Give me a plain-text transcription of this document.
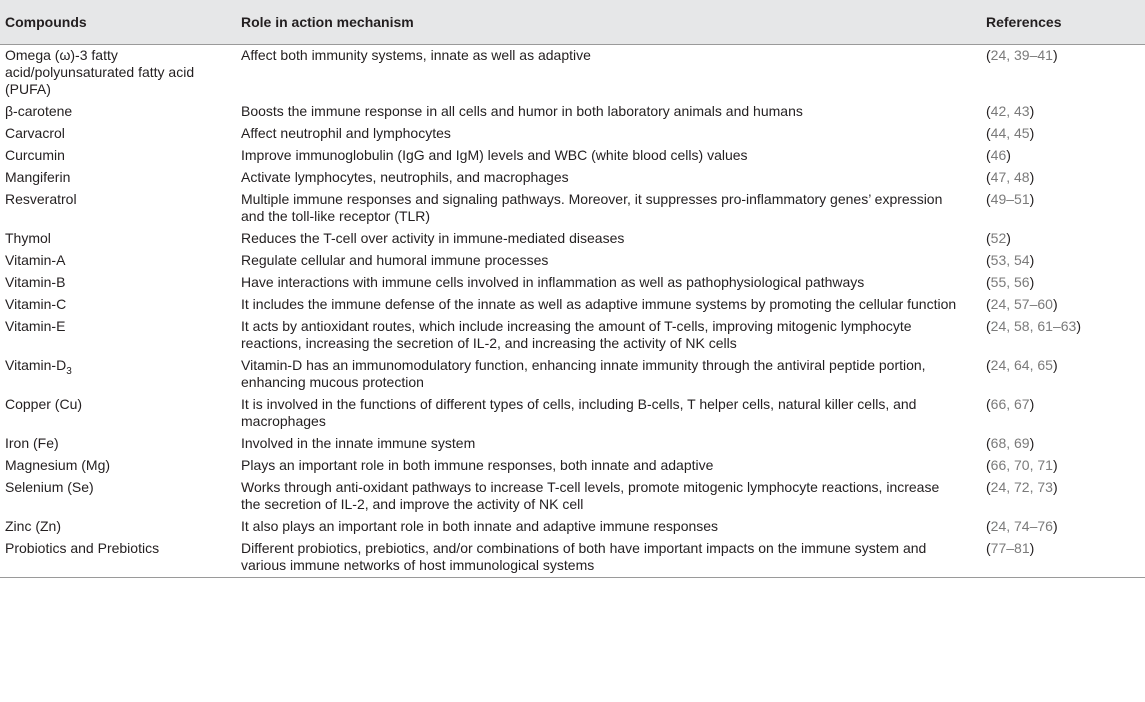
Compounds	Role in action mechanism	References
Omega (ω)-3 fatty acid/polyunsaturated fatty acid (PUFA)	Affect both immunity systems, innate as well as adaptive	(24, 39–41)
β-carotene	Boosts the immune response in all cells and humor in both laboratory animals and humans	(42, 43)
Carvacrol	Affect neutrophil and lymphocytes	(44, 45)
Curcumin	Improve immunoglobulin (IgG and IgM) levels and WBC (white blood cells) values	(46)
Mangiferin	Activate lymphocytes, neutrophils, and macrophages	(47, 48)
Resveratrol	Multiple immune responses and signaling pathways. Moreover, it suppresses pro-inflammatory genes’ expression and the toll-like receptor (TLR)	(49–51)
Thymol	Reduces the T-cell over activity in immune-mediated diseases	(52)
Vitamin-A	Regulate cellular and humoral immune processes	(53, 54)
Vitamin-B	Have interactions with immune cells involved in inflammation as well as pathophysiological pathways	(55, 56)
Vitamin-C	It includes the immune defense of the innate as well as adaptive immune systems by promoting the cellular function	(24, 57–60)
Vitamin-E	It acts by antioxidant routes, which include increasing the amount of T-cells, improving mitogenic lymphocyte reactions, increasing the secretion of IL-2, and increasing the activity of NK cells	(24, 58, 61–63)
Vitamin-$D_3$	Vitamin-D has an immunomodulatory function, enhancing innate immunity through the antiviral peptide portion, enhancing mucous protection	(24, 64, 65)
Copper (Cu)	It is involved in the functions of different types of cells, including B-cells, T helper cells, natural killer cells, and macrophages	(66, 67)
Iron (Fe)	Involved in the innate immune system	(68, 69)
Magnesium (Mg)	Plays an important role in both immune responses, both innate and adaptive	(66, 70, 71)
Selenium (Se)	Works through anti-oxidant pathways to increase T-cell levels, promote mitogenic lymphocyte reactions, increase the secretion of IL-2, and improve the activity of NK cell	(24, 72, 73)
Zinc (Zn)	It also plays an important role in both innate and adaptive immune responses	(24, 74–76)
Probiotics and Prebiotics	Different probiotics, prebiotics, and/or combinations of both have important impacts on the immune system and various immune networks of host immunological systems	(77–81)
